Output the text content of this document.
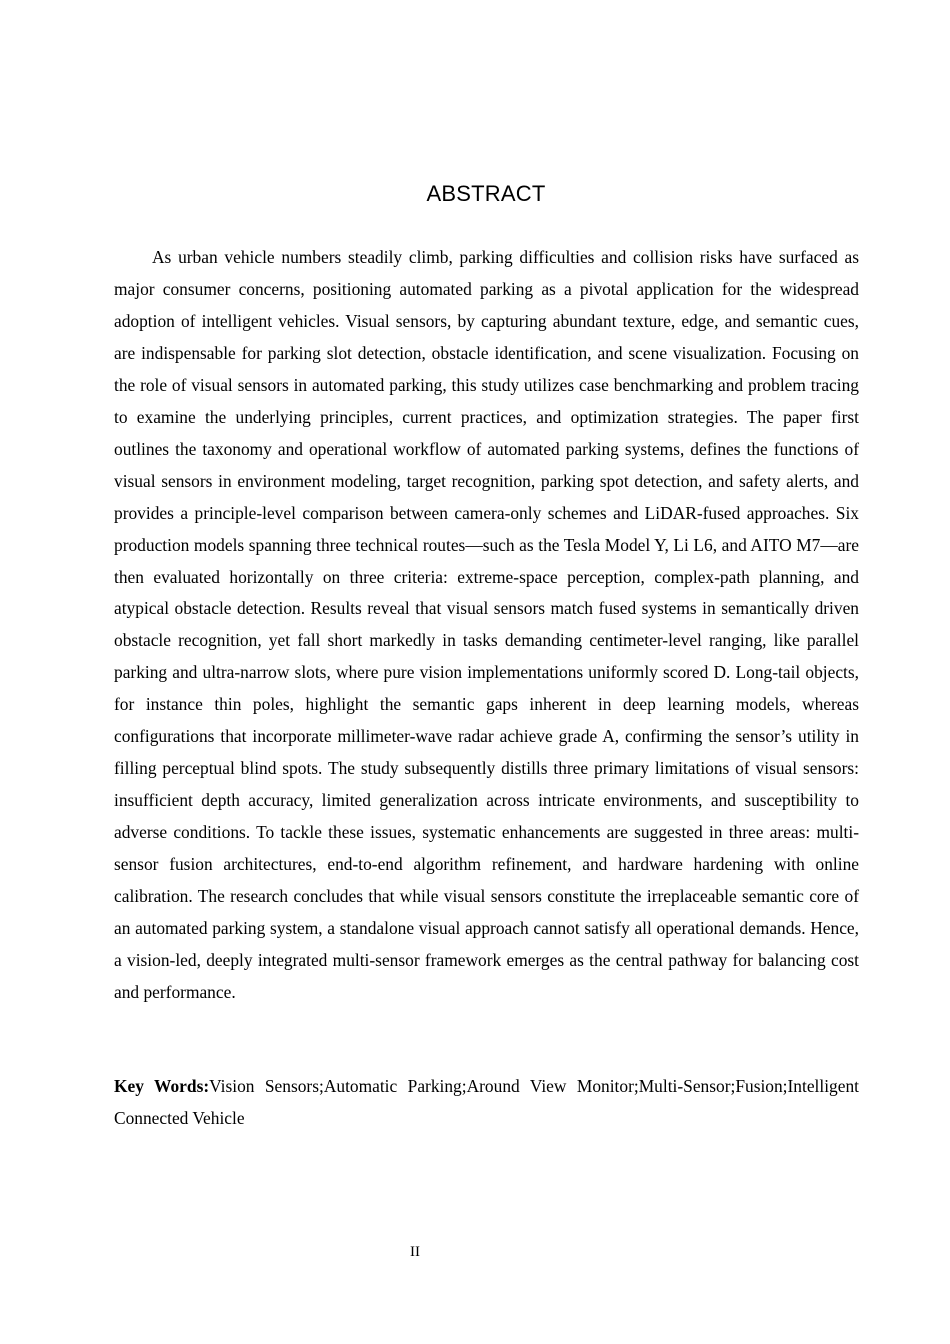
ABSTRACT

As urban vehicle numbers steadily climb, parking difficulties and collision risks have surfaced as major consumer concerns, positioning automated parking as a pivotal application for the widespread adoption of intelligent vehicles. Visual sensors, by capturing abundant texture, edge, and semantic cues, are indispensable for parking slot detection, obstacle identification, and scene visualization. Focusing on the role of visual sensors in automated parking, this study utilizes case benchmarking and problem tracing to examine the underlying principles, current practices, and optimization strategies. The paper first outlines the taxonomy and operational workflow of automated parking systems, defines the functions of visual sensors in environment modeling, target recognition, parking spot detection, and safety alerts, and provides a principle-level comparison between camera-only schemes and LiDAR-fused approaches. Six production models spanning three technical routes—such as the Tesla Model Y, Li L6, and AITO M7—are then evaluated horizontally on three criteria: extreme-space perception, complex-path planning, and atypical obstacle detection. Results reveal that visual sensors match fused systems in semantically driven obstacle recognition, yet fall short markedly in tasks demanding centimeter-level ranging, like parallel parking and ultra-narrow slots, where pure vision implementations uniformly scored D. Long-tail objects, for instance thin poles, highlight the semantic gaps inherent in deep learning models, whereas configurations that incorporate millimeter-wave radar achieve grade A, confirming the sensor’s utility in filling perceptual blind spots. The study subsequently distills three primary limitations of visual sensors: insufficient depth accuracy, limited generalization across intricate environments, and susceptibility to adverse conditions. To tackle these issues, systematic enhancements are suggested in three areas: multi-sensor fusion architectures, end-to-end algorithm refinement, and hardware hardening with online calibration. The research concludes that while visual sensors constitute the irreplaceable semantic core of an automated parking system, a standalone visual approach cannot satisfy all operational demands. Hence, a vision-led, deeply integrated multi-sensor framework emerges as the central pathway for balancing cost and performance.

Key Words:Vision Sensors;Automatic Parking;Around View Monitor;Multi-Sensor;Fusion;Intelligent Connected Vehicle

II
